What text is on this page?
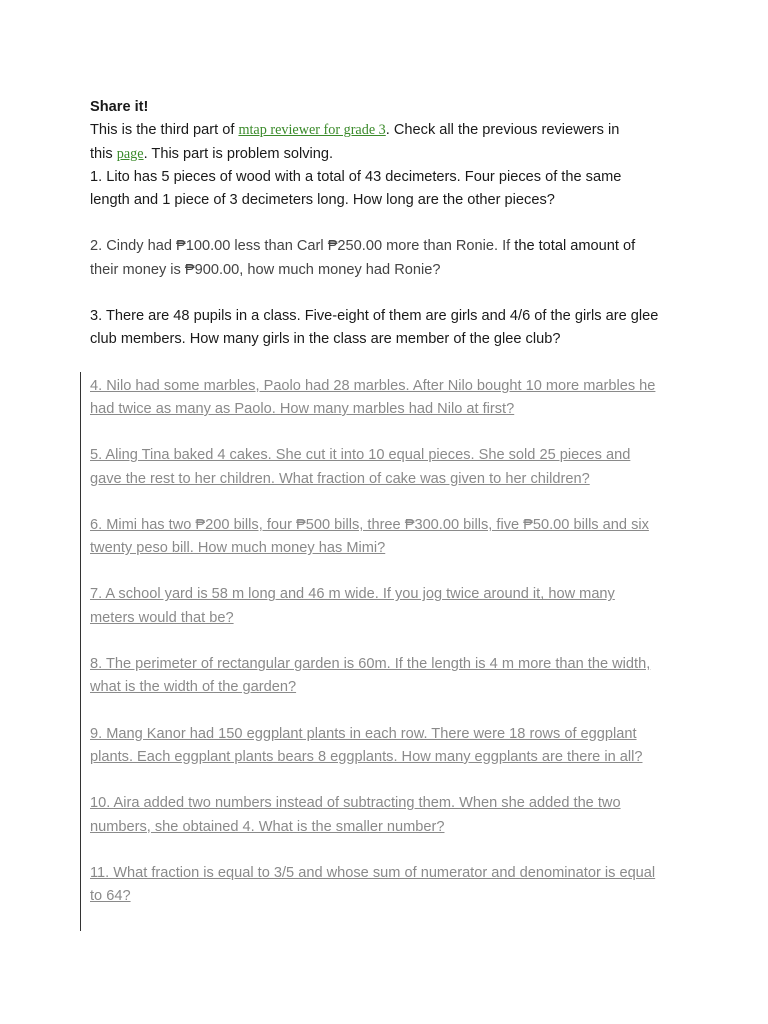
Share it!

This is the third part of mtap reviewer for grade 3. Check all the previous reviewers in

this page. This part is problem solving.

1. Lito has 5 pieces of wood with a total of 43 decimeters. Four pieces of the same

length and 1 piece of 3 decimeters long. How long are the other pieces?

2. Cindy had ₱100.00 less than Carl ₱250.00 more than Ronie. If the total amount of

their money is ₱900.00, how much money had Ronie?

3. There are 48 pupils in a class. Five-eight of them are girls and 4/6 of the girls are glee

club members. How many girls in the class are member of the glee club?

4. Nilo had some marbles, Paolo had 28 marbles. After Nilo bought 10 more marbles he

had twice as many as Paolo. How many marbles had Nilo at first?

5. Aling Tina baked 4 cakes. She cut it into 10 equal pieces. She sold 25 pieces and

gave the rest to her children. What fraction of cake was given to her children?

6. Mimi has two ₱200 bills, four ₱500 bills, three ₱300.00 bills, five ₱50.00 bills and six

twenty peso bill. How much money has Mimi?

7. A school yard is 58 m long and 46 m wide. If you jog twice around it, how many

meters would that be?

8. The perimeter of rectangular garden is 60m. If the length is 4 m more than the width,

what is the width of the garden?

9. Mang Kanor had 150 eggplant plants in each row. There were 18 rows of eggplant

plants. Each eggplant plants bears 8 eggplants. How many eggplants are there in all?

10. Aira added two numbers instead of subtracting them. When she added the two

numbers, she obtained 4. What is the smaller number?

11. What fraction is equal to 3/5 and whose sum of numerator and denominator is equal

to 64?
